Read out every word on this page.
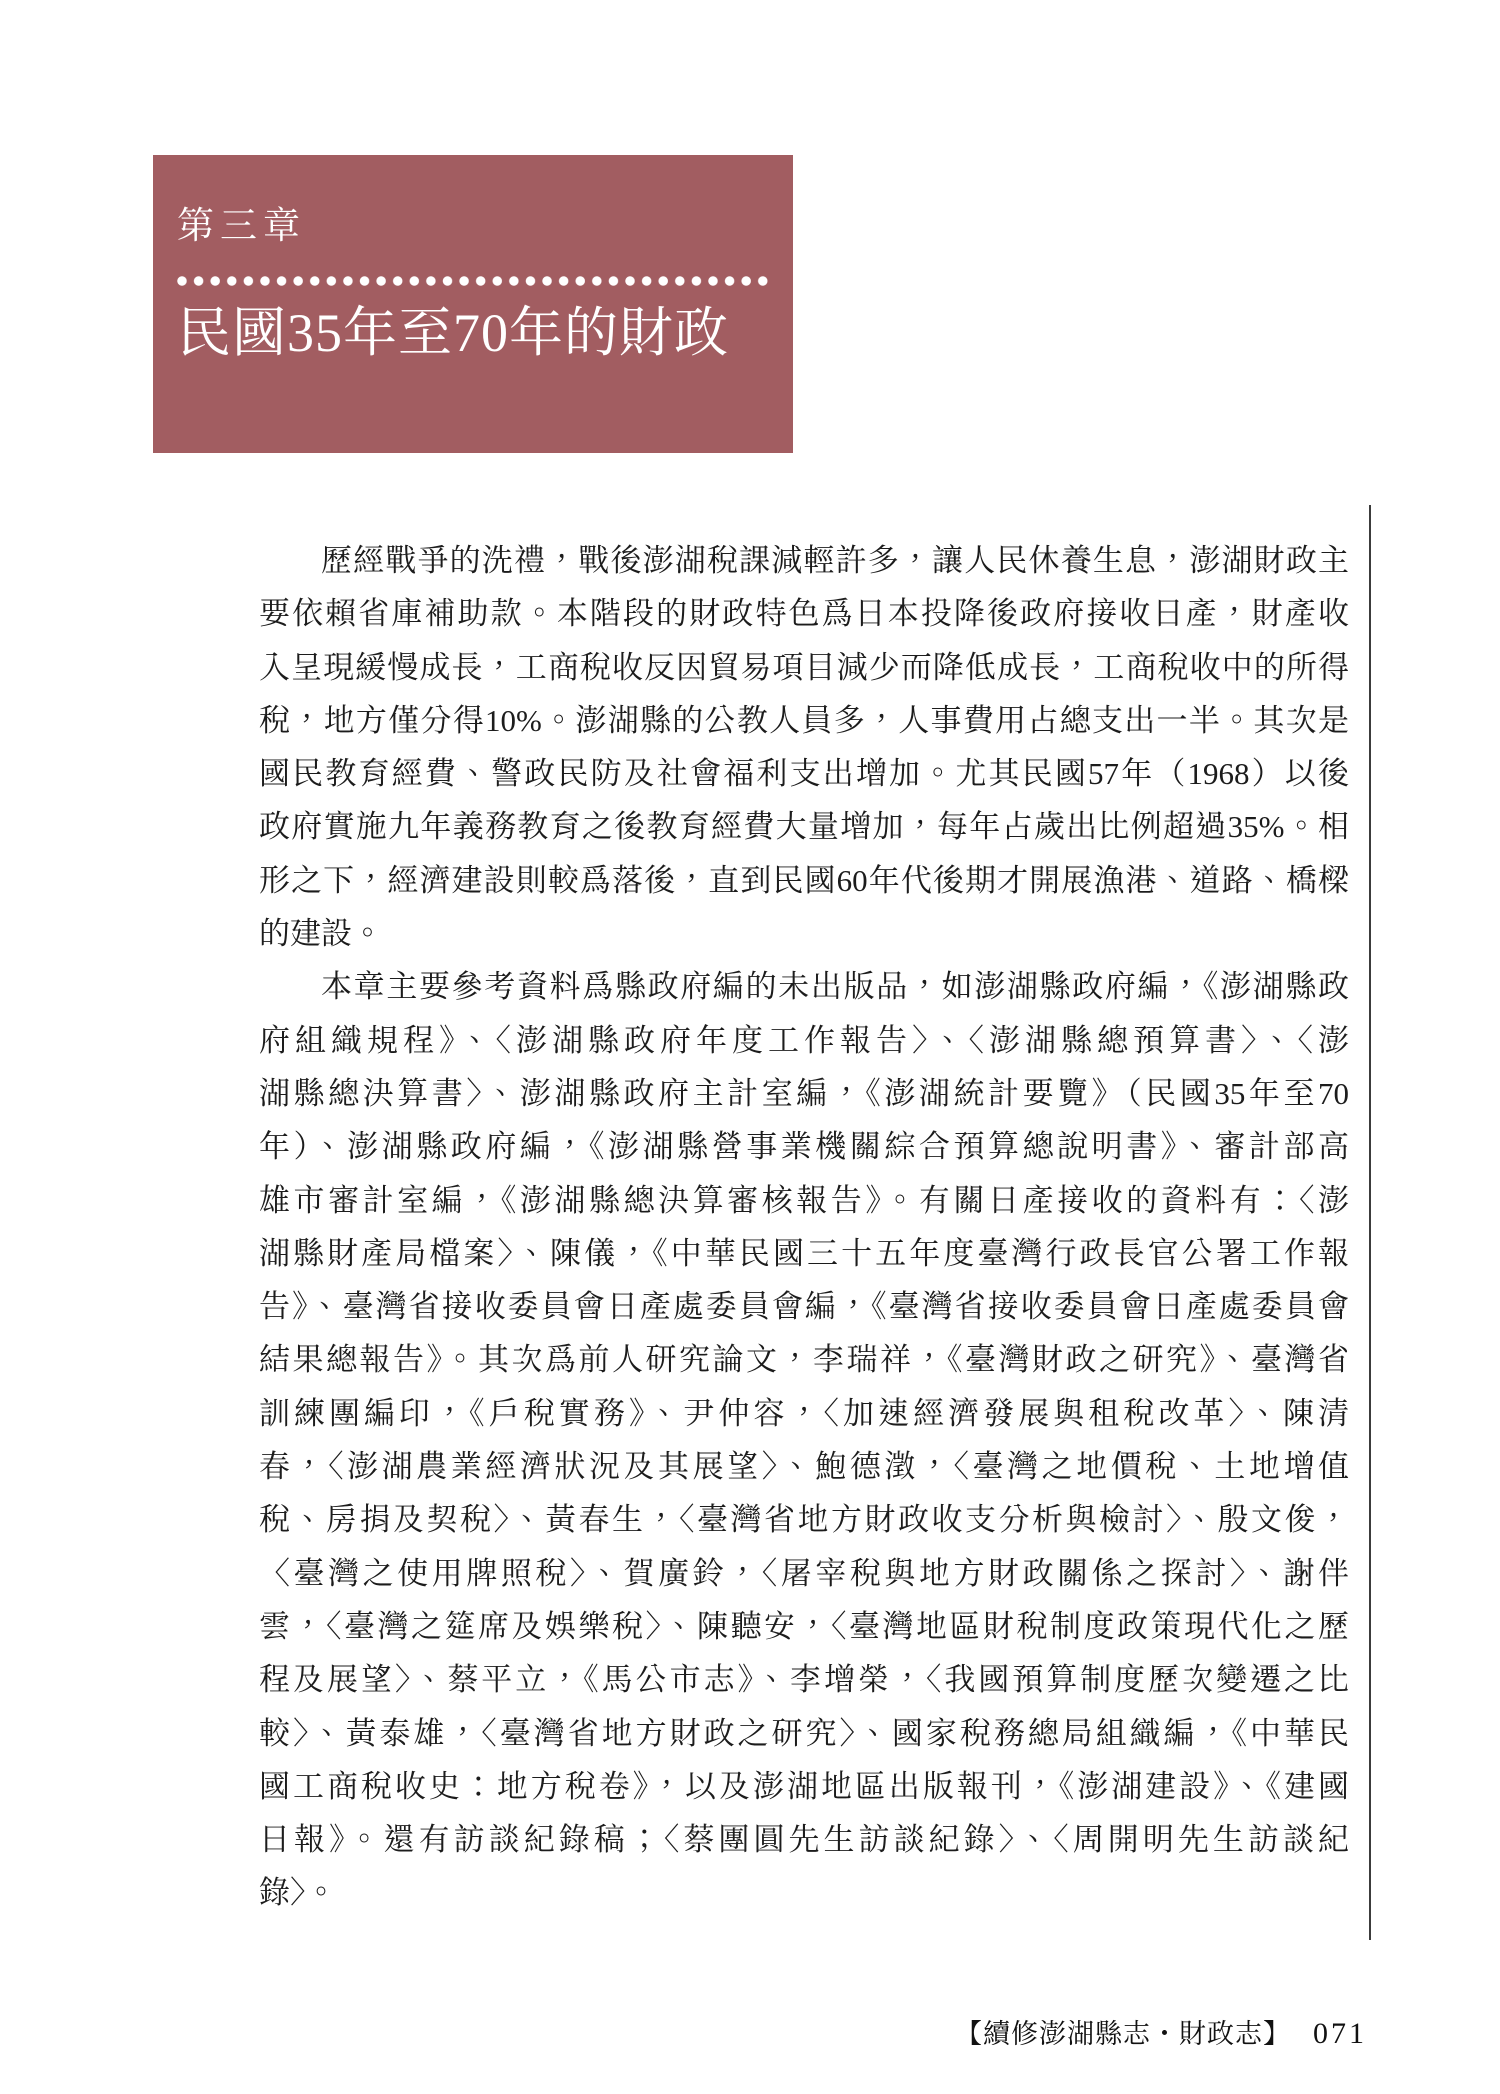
第三章
民國35年至70年的財政
歷經戰爭的洗禮，戰後澎湖稅課減輕許多，讓人民休養生息，澎湖財政主
要依賴省庫補助款。本階段的財政特色爲日本投降後政府接收日產，財產收
入呈現緩慢成長，工商稅收反因貿易項目減少而降低成長，工商稅收中的所得
稅，地方僅分得10%。澎湖縣的公教人員多，人事費用占總支出一半。其次是
國民教育經費、警政民防及社會福利支出增加。尤其民國57年（1968）以後
政府實施九年義務教育之後教育經費大量增加，每年占歲出比例超過35%。相
形之下，經濟建設則較爲落後，直到民國60年代後期才開展漁港、道路、橋樑
的建設。
本章主要參考資料爲縣政府編的未出版品，如澎湖縣政府編，《澎湖縣政
府組織規程》、〈澎湖縣政府年度工作報告〉、〈澎湖縣總預算書〉、〈澎
湖縣總決算書〉、澎湖縣政府主計室編，《澎湖統計要覽》（民國35年至70
年）、澎湖縣政府編，《澎湖縣營事業機關綜合預算總說明書》、審計部高
雄市審計室編，《澎湖縣總決算審核報告》。有關日產接收的資料有：〈澎
湖縣財產局檔案〉、陳儀，《中華民國三十五年度臺灣行政長官公署工作報
告》、臺灣省接收委員會日產處委員會編，《臺灣省接收委員會日產處委員會
結果總報告》。其次爲前人研究論文，李瑞祥，《臺灣財政之研究》、臺灣省
訓練團編印，《戶稅實務》、尹仲容，〈加速經濟發展與租稅改革〉、陳清
春，〈澎湖農業經濟狀況及其展望〉、鮑德澂，〈臺灣之地價稅、土地增值
稅、房捐及契稅〉、黃春生，〈臺灣省地方財政收支分析與檢討〉、殷文俊，
〈臺灣之使用牌照稅〉、賀廣鈴，〈屠宰稅與地方財政關係之探討〉、謝伴
雲，〈臺灣之筵席及娛樂稅〉、陳聽安，〈臺灣地區財稅制度政策現代化之歷
程及展望〉、蔡平立，《馬公市志》、李增榮，〈我國預算制度歷次變遷之比
較〉、黃泰雄，〈臺灣省地方財政之研究〉、國家稅務總局組織編，《中華民
國工商稅收史：地方稅卷》，以及澎湖地區出版報刊，《澎湖建設》、《建國
日報》。還有訪談紀錄稿；〈蔡團圓先生訪談紀錄〉、〈周開明先生訪談紀
錄〉。
【續修澎湖縣志・財政志】 071
